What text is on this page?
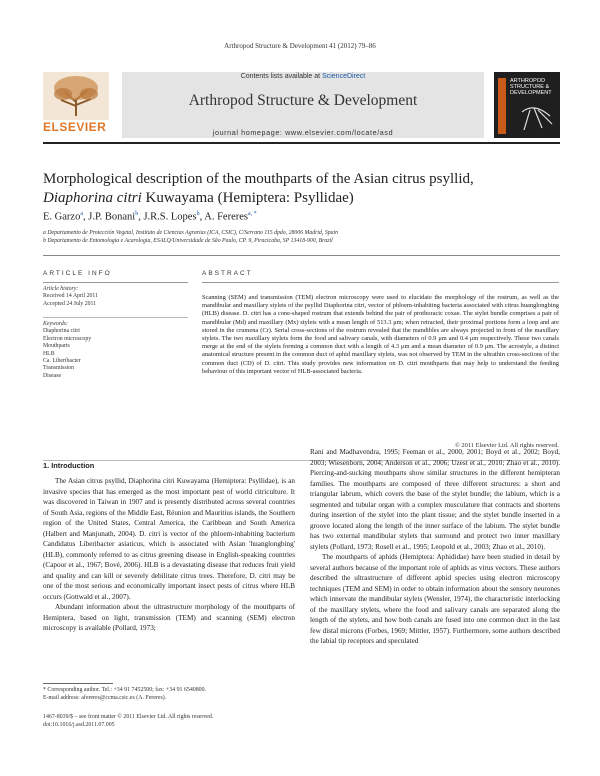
Arthropod Structure & Development 41 (2012) 79–86
ELSEVIER
Contents lists available at ScienceDirect
Arthropod Structure & Development
journal homepage: www.elsevier.com/locate/asd
ARTHROPOD STRUCTURE & DEVELOPMENT
Morphological description of the mouthparts of the Asian citrus psyllid,
Diaphorina citri Kuwayama (Hemiptera: Psyllidae)
E. Garzo$^a$, J.P. Bonani$^b$, J.R.S. Lopes$^b$, A. Fereres$^{a, *}$
a Departamento de Protección Vegetal, Instituto de Ciencias Agrarias (ICA, CSIC), C/Serrano 115 dpdo, 28006 Madrid, Spain
b Departamento de Entomologia e Acarologia, ESALQ/Universidade de São Paulo, CP. 9, Piracicaba, SP 13418-900, Brazil
ARTICLE INFO	ABSTRACT
Article history:
Received 14 April 2011
Accepted 24 July 2011
Keywords:
Diaphorina citri
Electron microscopy
Mouthparts
HLB
Ca. Liberibacter
Transmission
Disease
Scanning (SEM) and transmission (TEM) electron microscopy were used to elucidate the morphology of the rostrum, as well as the mandibular and maxillary stylets of the psyllid Diaphorina citri, vector of phloem-inhabiting bacteria associated with citrus huanglongbing (HLB) disease. D. citri has a cone-shaped rostrum that extends behind the pair of prothoracic coxae. The stylet bundle comprises a pair of mandibular (Md) and maxillary (Mx) stylets with a mean length of 513.3 μm; when retracted, their proximal portions form a loop and are stored in the crumena (Cr). Serial cross-sections of the rostrum revealed that the mandibles are always projected in front of the maxillary stylets. The two maxillary stylets form the food and salivary canals, with diameters of 0.9 μm and 0.4 μm respectively. These two canals merge at the end of the stylets forming a common duct with a length of 4.3 μm and a mean diameter of 0.9 μm. The acrostyle, a distinct anatomical structure present in the common duct of aphid maxillary stylets, was not observed by TEM in the ultrathin cross-sections of the common duct (CD) of D. citri. This study provides new information on D. citri mouthparts that may help to understand the feeding behaviour of this important vector of HLB-associated bacteria.
© 2011 Elsevier Ltd. All rights reserved.
1. Introduction

The Asian citrus psyllid, Diaphorina citri Kuwayama (Hemiptera: Psyllidae), is an invasive species that has emerged as the most important pest of world citriculture. It was discovered in Taiwan in 1907 and is presently distributed across several countries of South Asia, regions of the Middle East, Réunion and Mauritius islands, the Southern region of the United States, Central America, the Caribbean and South America (Halbert and Manjunath, 2004). D. citri is vector of the phloem-inhabiting bacterium Candidatus Liberibacter asiaticus, which is associated with Asian 'huanglongbing' (HLB), commonly referred to as citrus greening disease in English-speaking countries (Capoor et al., 1967; Bové, 2006). HLB is a devastating disease that reduces fruit yield and quality and can kill or severely debilitate citrus trees. Therefore, D. citri may be one of the most serious and economically important insect pests of citrus where HLB occurs (Gottwald et al., 2007).

Abundant information about the ultrastructure morphology of the mouthparts of Hemiptera, based on light, transmission (TEM) and scanning (SEM) electron microscopy is available (Pollard, 1973;

Rani and Madhavendra, 1995; Feeman et al., 2000, 2001; Boyd et al., 2002; Boyd, 2003; Wiesenborn, 2004; Anderson et al., 2006; Uzest et al., 2010; Zhao et al., 2010). Piercing-and-sucking mouthparts show similar structures in the different hemipteran families. The mouthparts are composed of three different structures: a short and triangular labrum, which covers the base of the stylet bundle; the labium, which is a segmented and tubular organ with a complex musculature that contracts and shortens during insertion of the stylet into the plant tissue; and the stylet bundle inserted in a groove located along the length of the inner surface of the labium. The stylet bundle has two external mandibular stylets that surround and protect two inner maxillary stylets (Pollard, 1973; Rosell et al., 1995; Leopold et al., 2003; Zhao et al., 2010).

The mouthparts of aphids (Hemiptera: Aphididae) have been studied in detail by several authors because of the important role of aphids as virus vectors. These authors described the ultrastructure of different aphid species using electron microscopy techniques (TEM and SEM) in order to obtain information about the sensory neurones which innervate the mandibular stylets (Wensler, 1974), the characteristic interlocking of the maxillary stylets, where the food and salivary canals are separated along the length of the stylets, and how both canals are fused into one common duct in the last few distal microns (Forbes, 1969; Mittler, 1957). Furthermore, some authors described the labial tip receptors and speculated

* Corresponding author. Tel.: +34 91 7452500; fax: +34 91 6540800.
E-mail address: afereres@ccma.csic.es (A. Fereres).
1467-8039/$ – see front matter © 2011 Elsevier Ltd. All rights reserved.
doi:10.1016/j.asd.2011.07.005
